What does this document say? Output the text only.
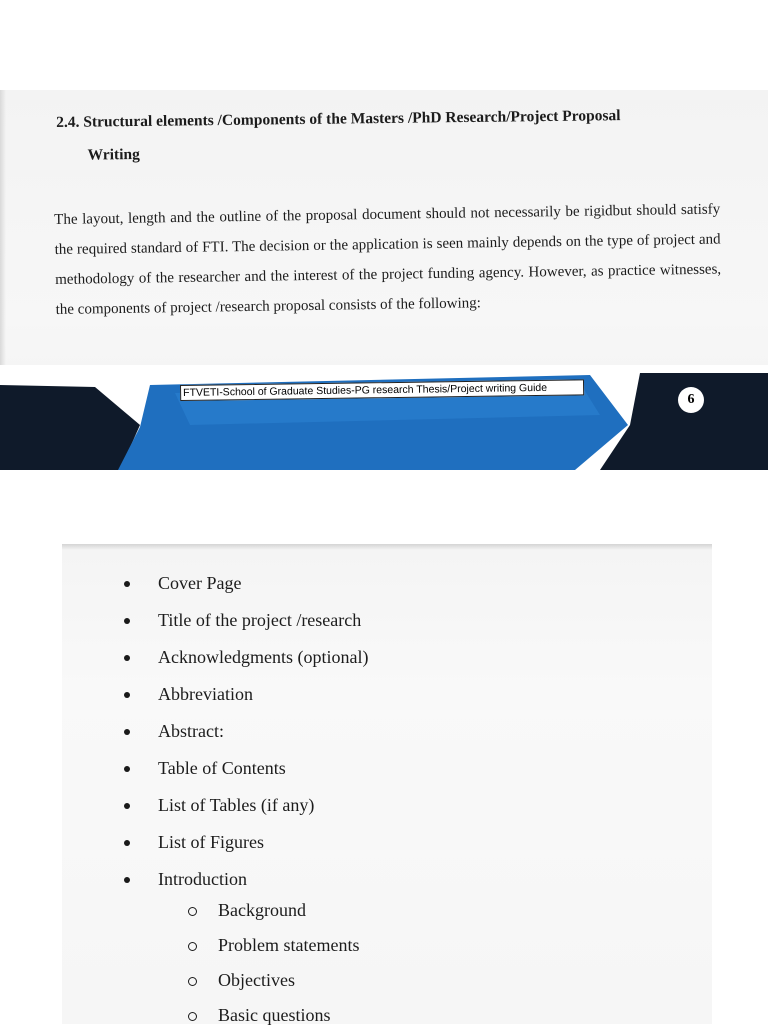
2.4. Structural elements /Components of the Masters /PhD Research/Project Proposal
Writing

The layout, length and the outline of the proposal document should not necessarily be rigidbut should satisfy the required standard of FTI. The decision or the application is seen mainly depends on the type of project and methodology of the researcher and the interest of the project funding agency. However, as practice witnesses, the components of project /research proposal consists of the following:

FTVETI-School of Graduate Studies-PG research Thesis/Project writing Guide
6
Cover Page
Title of the project /research
Acknowledgments (optional)
Abbreviation
Abstract:
Table of Contents
List of Tables (if any)
List of Figures
Introduction
Background
Problem statements
Objectives
Basic questions
